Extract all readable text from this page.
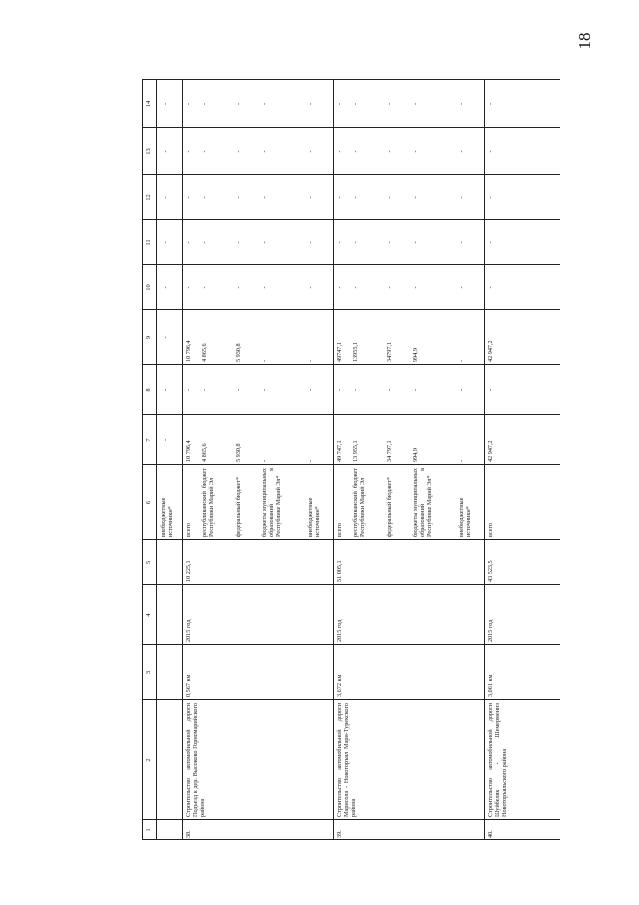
18
1
2
3
4
5
6
7
8
9
10
11
12
13
14
внебюджетные источники*
-
-
-
-
-
-
-
-
38.
Строительство автомобильной дороги Подъезд к дер. Высоково Горномарийского района
0,567 км
2015 год
10 225,1
всего
10 796,4
-
10 796,4
-
-
-
-
-
республиканский бюджет Республики Марий Эл
4 865,6
-
4 865,6
-
-
-
-
-
федеральный бюджет*
5 930,8
-
5 930,8
-
-
-
-
-
бюджеты муниципальных образований в Республике Марий Эл*
-
-
-
-
-
-
-
-
внебюджетные источники*
-
-
-
-
-
-
-
-
39.
Строительство автомобильной дороги Марисола - Новоторъял Мари-Турекского района
3,672 км
2015 год
51 005,1
всего
49 747,1
-
49747,1
-
-
-
-
-
республиканский бюджет Республики Марий Эл
13 955,1
-
13955,1
-
-
-
-
-
федеральный бюджет*
34 797,1
-
34797,1
-
-
-
-
-
бюджеты муниципальных образований в Республике Марий Эл*
994,9
-
994,9
-
-
-
-
-
внебюджетные источники*
-
-
-
-
-
-
-
-
40.
Строительство автомобильной дороги Шуйбеляк - Шемерменнэ Новоторъяльского района
3,061 км
2015 год
43 523,5
всего
42 947,2
-
42 947,2
-
-
-
-
-
